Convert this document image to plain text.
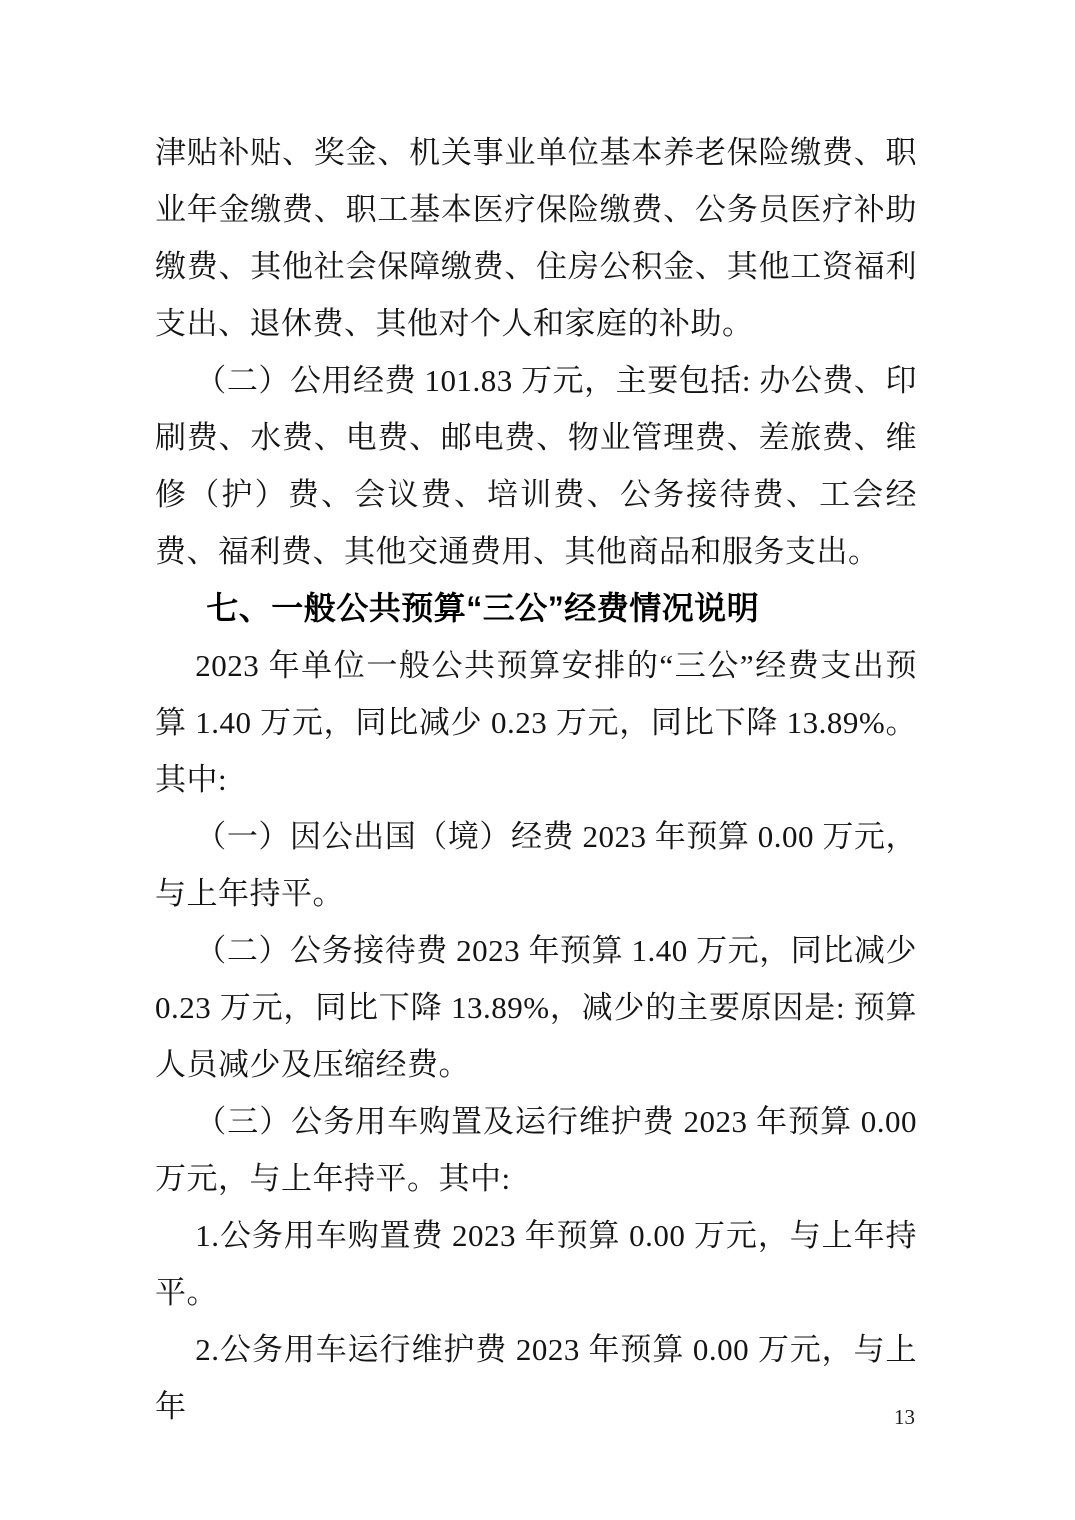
津贴补贴、奖金、机关事业单位基本养老保险缴费、职业年金缴费、职工基本医疗保险缴费、公务员医疗补助缴费、其他社会保障缴费、住房公积金、其他工资福利支出、退休费、其他对个人和家庭的补助。

（二）公用经费 101.83 万元，主要包括: 办公费、印刷费、水费、电费、邮电费、物业管理费、差旅费、维修（护）费、会议费、培训费、公务接待费、工会经费、福利费、其他交通费用、其他商品和服务支出。

七、一般公共预算“三公”经费情况说明

2023 年单位一般公共预算安排的“三公”经费支出预算 1.40 万元，同比减少 0.23 万元，同比下降 13.89%。其中:

（一）因公出国（境）经费 2023 年预算 0.00 万元，与上年持平。

（二）公务接待费 2023 年预算 1.40 万元，同比减少 0.23 万元，同比下降 13.89%，减少的主要原因是: 预算人员减少及压缩经费。

（三）公务用车购置及运行维护费 2023 年预算 0.00 万元，与上年持平。其中:

1.公务用车购置费 2023 年预算 0.00 万元，与上年持平。

2.公务用车运行维护费 2023 年预算 0.00 万元，与上年	13
